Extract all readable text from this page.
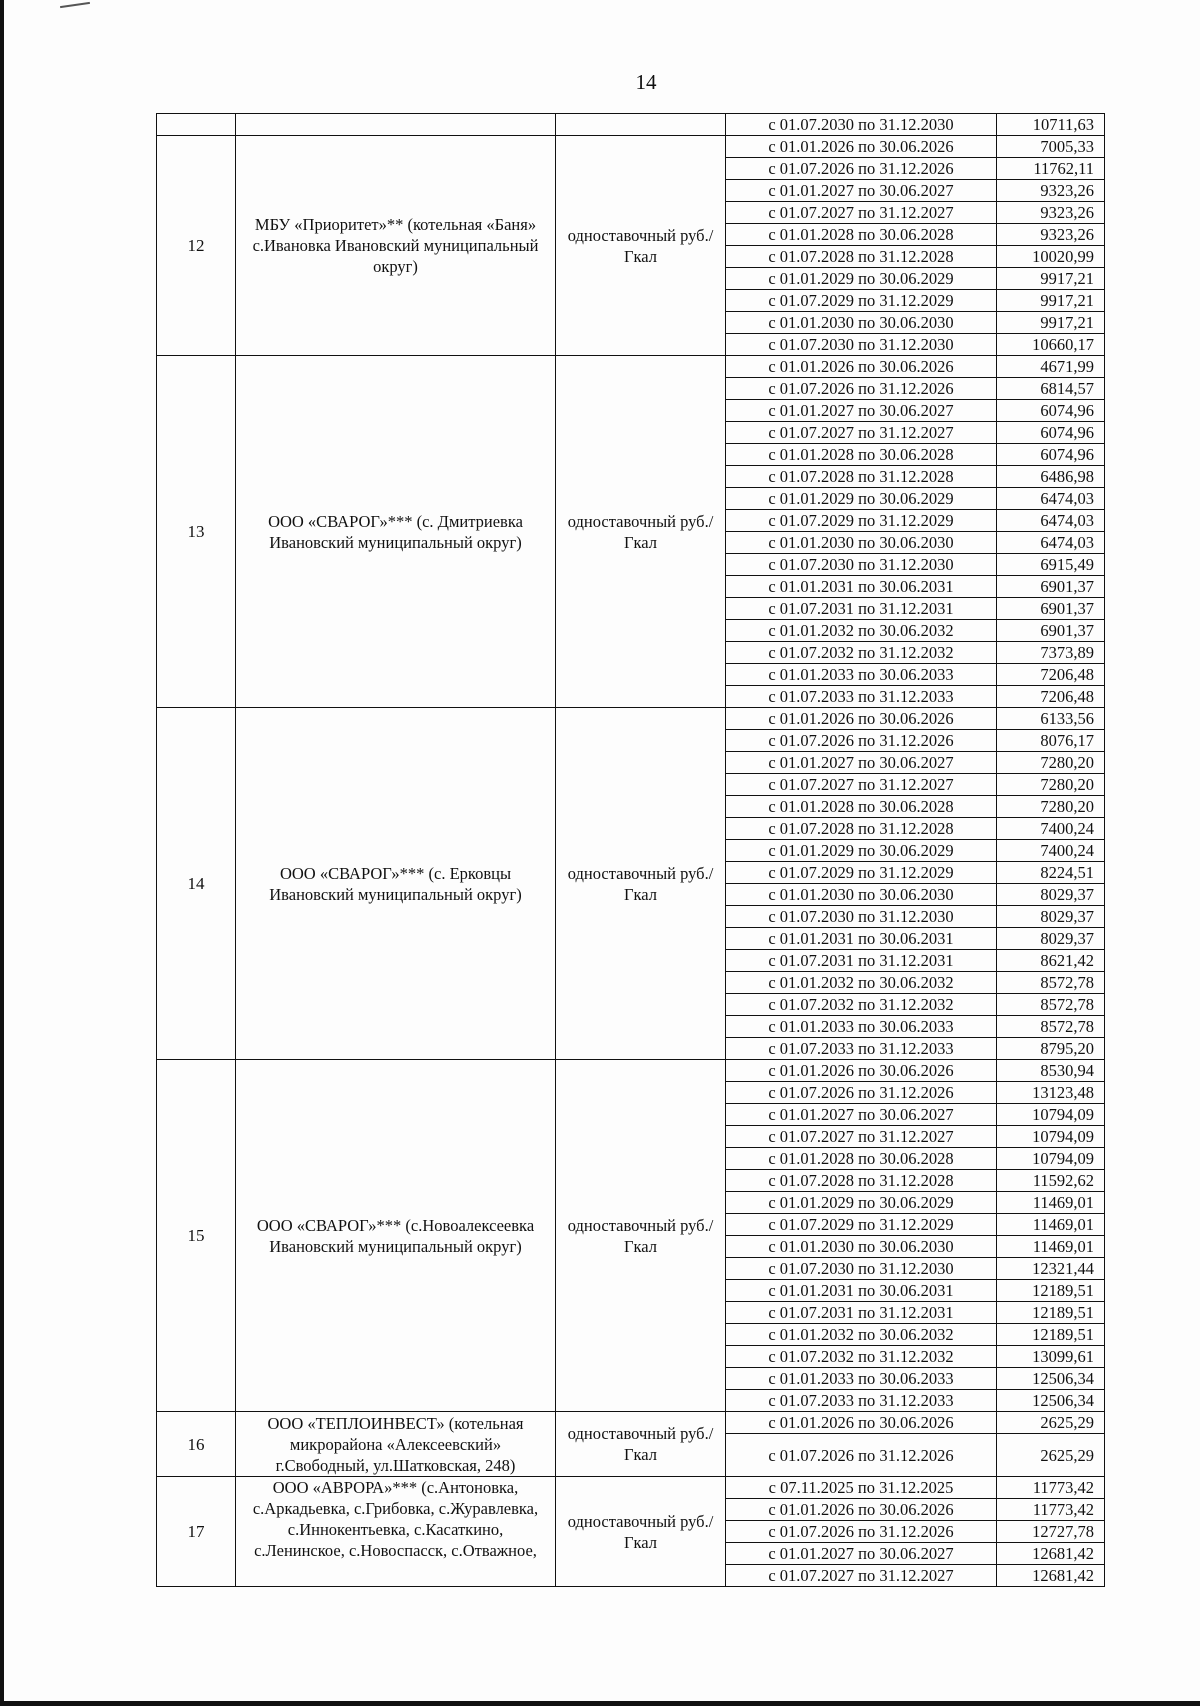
14
			с 01.07.2030 по 31.12.2030	10711,63
12	МБУ «Приоритет»** (котельная «Баня» с.Ивановка Ивановский муниципальный округ)	одноставочный руб./Гкал	с 01.01.2026 по 30.06.2026	7005,33
			с 01.07.2026 по 31.12.2026	11762,11
			с 01.01.2027 по 30.06.2027	9323,26
			с 01.07.2027 по 31.12.2027	9323,26
			с 01.01.2028 по 30.06.2028	9323,26
			с 01.07.2028 по 31.12.2028	10020,99
			с 01.01.2029 по 30.06.2029	9917,21
			с 01.07.2029 по 31.12.2029	9917,21
			с 01.01.2030 по 30.06.2030	9917,21
			с 01.07.2030 по 31.12.2030	10660,17
13	ООО «СВАРОГ»*** (с. Дмитриевка Ивановский муниципальный округ)	одноставочный руб./Гкал	с 01.01.2026 по 30.06.2026	4671,99
			с 01.07.2026 по 31.12.2026	6814,57
			с 01.01.2027 по 30.06.2027	6074,96
			с 01.07.2027 по 31.12.2027	6074,96
			с 01.01.2028 по 30.06.2028	6074,96
			с 01.07.2028 по 31.12.2028	6486,98
			с 01.01.2029 по 30.06.2029	6474,03
			с 01.07.2029 по 31.12.2029	6474,03
			с 01.01.2030 по 30.06.2030	6474,03
			с 01.07.2030 по 31.12.2030	6915,49
			с 01.01.2031 по 30.06.2031	6901,37
			с 01.07.2031 по 31.12.2031	6901,37
			с 01.01.2032 по 30.06.2032	6901,37
			с 01.07.2032 по 31.12.2032	7373,89
			с 01.01.2033 по 30.06.2033	7206,48
			с 01.07.2033 по 31.12.2033	7206,48
14	ООО «СВАРОГ»*** (с. Ерковцы Ивановский муниципальный округ)	одноставочный руб./Гкал	с 01.01.2026 по 30.06.2026	6133,56
			с 01.07.2026 по 31.12.2026	8076,17
			с 01.01.2027 по 30.06.2027	7280,20
			с 01.07.2027 по 31.12.2027	7280,20
			с 01.01.2028 по 30.06.2028	7280,20
			с 01.07.2028 по 31.12.2028	7400,24
			с 01.01.2029 по 30.06.2029	7400,24
			с 01.07.2029 по 31.12.2029	8224,51
			с 01.01.2030 по 30.06.2030	8029,37
			с 01.07.2030 по 31.12.2030	8029,37
			с 01.01.2031 по 30.06.2031	8029,37
			с 01.07.2031 по 31.12.2031	8621,42
			с 01.01.2032 по 30.06.2032	8572,78
			с 01.07.2032 по 31.12.2032	8572,78
			с 01.01.2033 по 30.06.2033	8572,78
			с 01.07.2033 по 31.12.2033	8795,20
15	ООО «СВАРОГ»*** (с.Новоалексеевка Ивановский муниципальный округ)	одноставочный руб./Гкал	с 01.01.2026 по 30.06.2026	8530,94
			с 01.07.2026 по 31.12.2026	13123,48
			с 01.01.2027 по 30.06.2027	10794,09
			с 01.07.2027 по 31.12.2027	10794,09
			с 01.01.2028 по 30.06.2028	10794,09
			с 01.07.2028 по 31.12.2028	11592,62
			с 01.01.2029 по 30.06.2029	11469,01
			с 01.07.2029 по 31.12.2029	11469,01
			с 01.01.2030 по 30.06.2030	11469,01
			с 01.07.2030 по 31.12.2030	12321,44
			с 01.01.2031 по 30.06.2031	12189,51
			с 01.07.2031 по 31.12.2031	12189,51
			с 01.01.2032 по 30.06.2032	12189,51
			с 01.07.2032 по 31.12.2032	13099,61
			с 01.01.2033 по 30.06.2033	12506,34
			с 01.07.2033 по 31.12.2033	12506,34
16	ООО «ТЕПЛОИНВЕСТ» (котельная микрорайона «Алексеевский» г.Свободный, ул.Шатковская, 248)	одноставочный руб./Гкал	с 01.01.2026 по 30.06.2026	2625,29
			с 01.07.2026 по 31.12.2026	2625,29
17	ООО «АВРОРА»*** (с.Антоновка, с.Аркадьевка, с.Грибовка, с.Журавлевка, с.Иннокентьевка, с.Касаткино, с.Ленинское, с.Новоспасск, с.Отважное,	одноставочный руб./Гкал	с 07.11.2025 по 31.12.2025	11773,42
			с 01.01.2026 по 30.06.2026	11773,42
			с 01.07.2026 по 31.12.2026	12727,78
			с 01.01.2027 по 30.06.2027	12681,42
			с 01.07.2027 по 31.12.2027	12681,42
